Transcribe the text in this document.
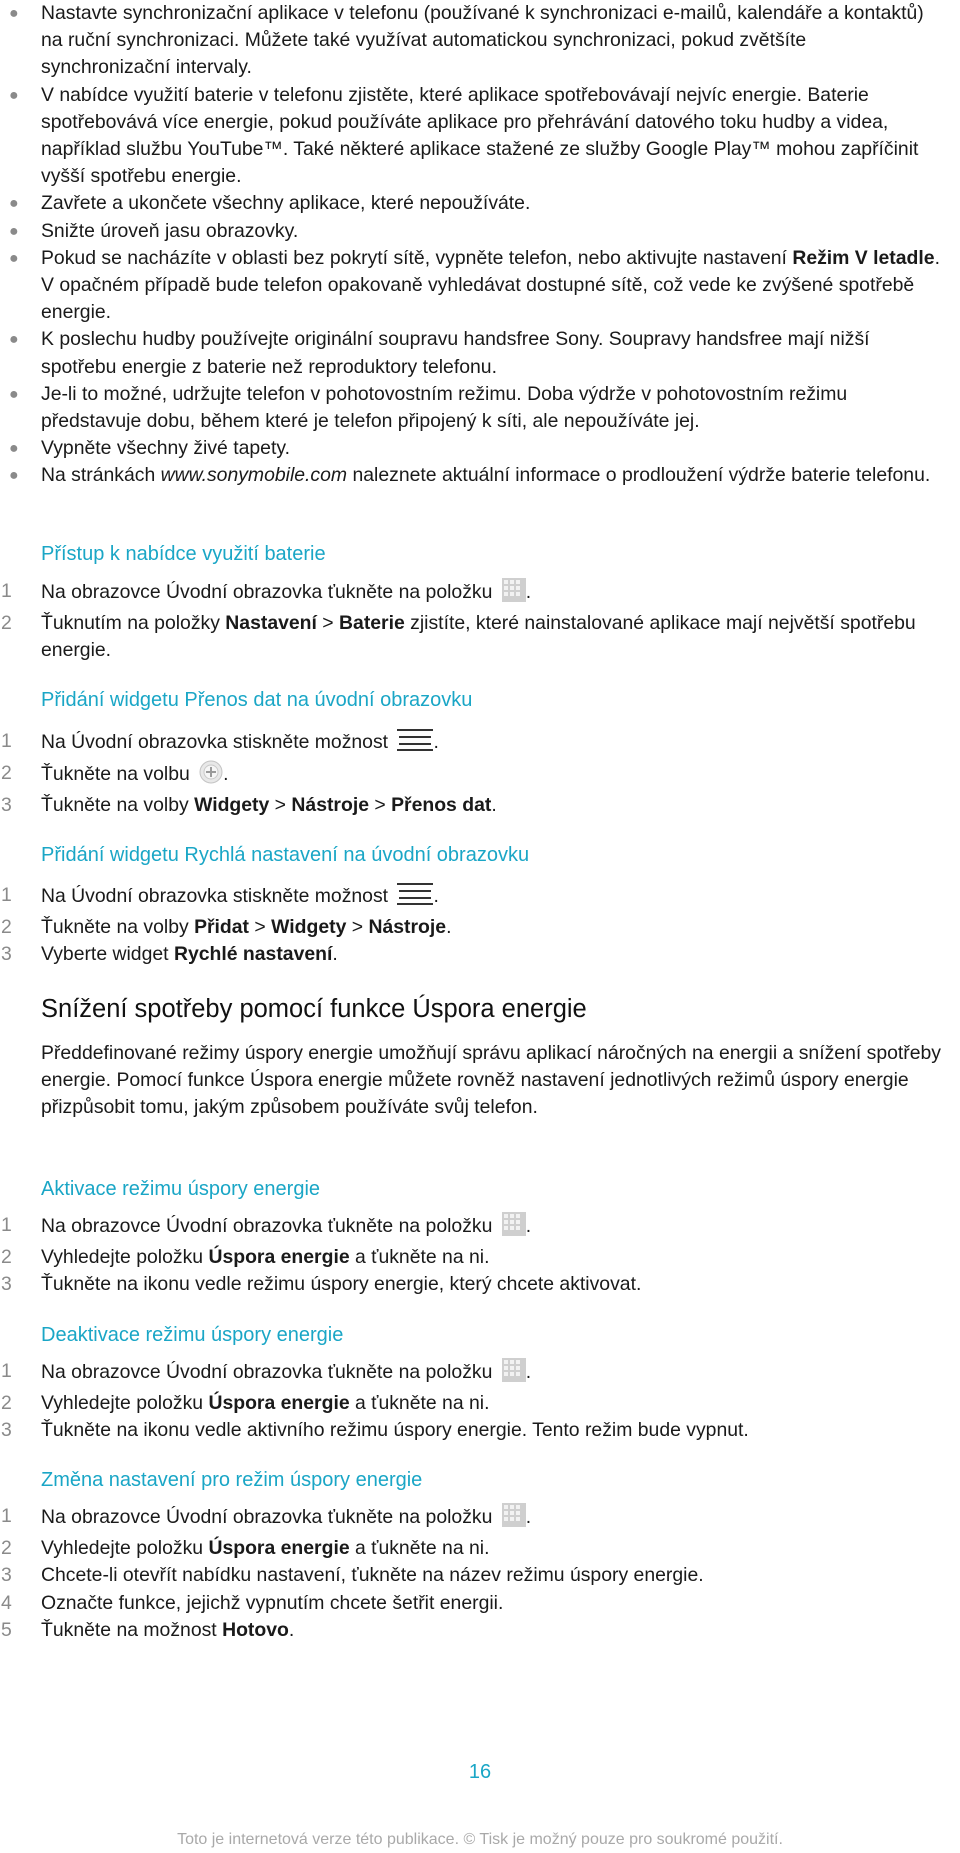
● Nastavte synchronizační aplikace v telefonu (používané k synchronizaci e-mailů, kalendáře a kontaktů) na ruční synchronizaci. Můžete také využívat automatickou synchronizaci, pokud zvětšíte synchronizační intervaly.
● V nabídce využití baterie v telefonu zjistěte, které aplikace spotřebovávají nejvíc energie. Baterie spotřebovává více energie, pokud používáte aplikace pro přehrávání datového toku hudby a videa, například službu YouTube™. Také některé aplikace stažené ze služby Google Play™ mohou zapříčinit vyšší spotřebu energie.
● Zavřete a ukončete všechny aplikace, které nepoužíváte.
● Snižte úroveň jasu obrazovky.
● Pokud se nacházíte v oblasti bez pokrytí sítě, vypněte telefon, nebo aktivujte nastavení Režim V letadle. V opačném případě bude telefon opakovaně vyhledávat dostupné sítě, což vede ke zvýšené spotřebě energie.
● K poslechu hudby používejte originální soupravu handsfree Sony. Soupravy handsfree mají nižší spotřebu energie z baterie než reproduktory telefonu.
● Je-li to možné, udržujte telefon v pohotovostním režimu. Doba výdrže v pohotovostním režimu představuje dobu, během které je telefon připojený k síti, ale nepoužíváte jej.
● Vypněte všechny živé tapety.
● Na stránkách www.sonymobile.com naleznete aktuální informace o prodloužení výdrže baterie telefonu.
Přístup k nabídce využití baterie
1 Na obrazovce Úvodní obrazovka ťukněte na položku .
2 Ťuknutím na položky Nastavení > Baterie zjistíte, které nainstalované aplikace mají největší spotřebu energie.
Přidání widgetu Přenos dat na úvodní obrazovku
1 Na Úvodní obrazovka stiskněte možnost .
2 Ťukněte na volbu .
3 Ťukněte na volby Widgety > Nástroje > Přenos dat.
Přidání widgetu Rychlá nastavení na úvodní obrazovku
1 Na Úvodní obrazovka stiskněte možnost .
2 Ťukněte na volby Přidat > Widgety > Nástroje.
3 Vyberte widget Rychlé nastavení.
Snížení spotřeby pomocí funkce Úspora energie
Předdefinované režimy úspory energie umožňují správu aplikací náročných na energii a snížení spotřeby energie. Pomocí funkce Úspora energie můžete rovněž nastavení jednotlivých režimů úspory energie přizpůsobit tomu, jakým způsobem používáte svůj telefon.
Aktivace režimu úspory energie
1 Na obrazovce Úvodní obrazovka ťukněte na položku .
2 Vyhledejte položku Úspora energie a ťukněte na ni.
3 Ťukněte na ikonu vedle režimu úspory energie, který chcete aktivovat.
Deaktivace režimu úspory energie
1 Na obrazovce Úvodní obrazovka ťukněte na položku .
2 Vyhledejte položku Úspora energie a ťukněte na ni.
3 Ťukněte na ikonu vedle aktivního režimu úspory energie. Tento režim bude vypnut.
Změna nastavení pro režim úspory energie
1 Na obrazovce Úvodní obrazovka ťukněte na položku .
2 Vyhledejte položku Úspora energie a ťukněte na ni.
3 Chcete-li otevřít nabídku nastavení, ťukněte na název režimu úspory energie.
4 Označte funkce, jejichž vypnutím chcete šetřit energii.
5 Ťukněte na možnost Hotovo.
16
Toto je internetová verze této publikace. © Tisk je možný pouze pro soukromé použití.
